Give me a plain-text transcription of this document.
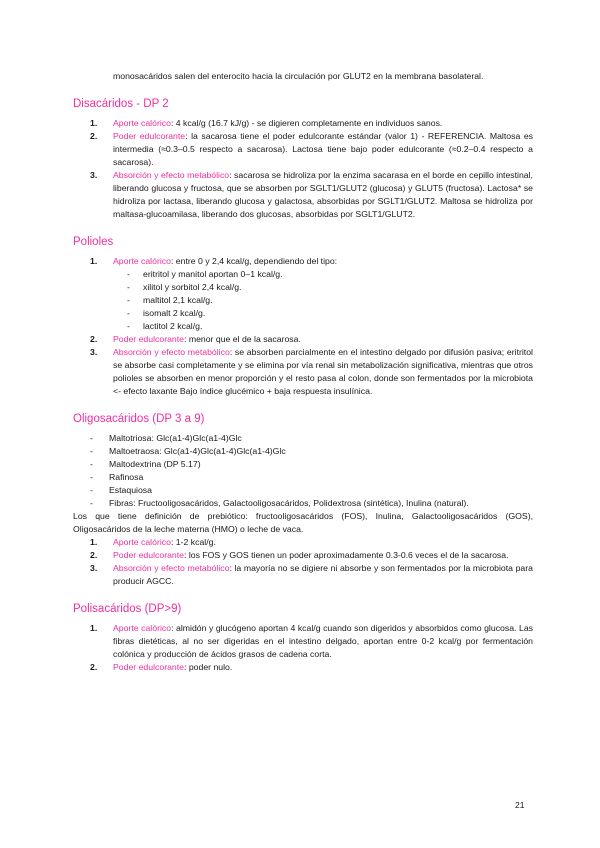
monosacáridos salen del enterocito hacia la circulación por GLUT2 en la membrana basolateral.

Disacáridos - DP 2
1. Aporte calórico: 4 kcal/g (16.7 kJ/g) - se digieren completamente en individuos sanos.
2. Poder edulcorante: la sacarosa tiene el poder edulcorante estándar (valor 1) - REFERENCIA. Maltosa es intermedia (≈0.3–0.5 respecto a sacarosa). Lactosa tiene bajo poder edulcorante (≈0.2–0.4 respecto a sacarosa).
3. Absorción y efecto metabólico: sacarosa se hidroliza por la enzima sacarasa en el borde en cepillo intestinal, liberando glucosa y fructosa, que se absorben por SGLT1/GLUT2 (glucosa) y GLUT5 (fructosa). Lactosa* se hidroliza por lactasa, liberando glucosa y galactosa, absorbidas por SGLT1/GLUT2. Maltosa se hidroliza por maltasa-glucoamilasa, liberando dos glucosas, absorbidas por SGLT1/GLUT2.
Polioles
1. Aporte calórico: entre 0 y 2,4 kcal/g, dependiendo del tipo:

- eritritol y manitol aportan 0–1 kcal/g.

- xilitol y sorbitol 2,4 kcal/g.

- maltitol 2,1 kcal/g.

- isomalt 2 kcal/g.

- lactitol 2 kcal/g.

2. Poder edulcorante: menor que el de la sacarosa.
3. Absorción y efecto metabólico: se absorben parcialmente en el intestino delgado por difusión pasiva; eritritol se absorbe casi completamente y se elimina por vía renal sin metabolización significativa, mientras que otros polioles se absorben en menor proporción y el resto pasa al colon, donde son fermentados por la microbiota <- efecto laxante Bajo índice glucémico + baja respuesta insulínica.
Oligosacáridos (DP 3 a 9)

- Maltotriosa: Glc(a1-4)Glc(a1-4)Glc

- Maltoetraosa: Glc(a1-4)Glc(a1-4)Glc(a1-4)Glc

- Maltodextrina (DP 5.17)

- Rafinosa

- Estaquiosa

- Fibras: Fructooligosacáridos, Galactooligosacáridos, Polidextrosa (sintética), Inulina (natural).

Los que tiene definición de prebiótico: fructooligosacáridos (FOS), Inulina, Galactooligosacáridos (GOS), Oligosacáridos de la leche materna (HMO) o leche de vaca.

1. Aporte calórico: 1-2 kcal/g.
2. Poder edulcorante: los FOS y GOS tienen un poder aproximadamente 0.3-0.6 veces el de la sacarosa.
3. Absorción y efecto metabólico: la mayoría no se digiere ni absorbe y son fermentados por la microbiota para producir AGCC.
Polisacáridos (DP>9)
1. Aporte calórico: almidón y glucógeno aportan 4 kcal/g cuando son digeridos y absorbidos como glucosa. Las fibras dietéticas, al no ser digeridas en el intestino delgado, aportan entre 0-2 kcal/g por fermentación colónica y producción de ácidos grasos de cadena corta.
2. Poder edulcorante: poder nulo.
21
